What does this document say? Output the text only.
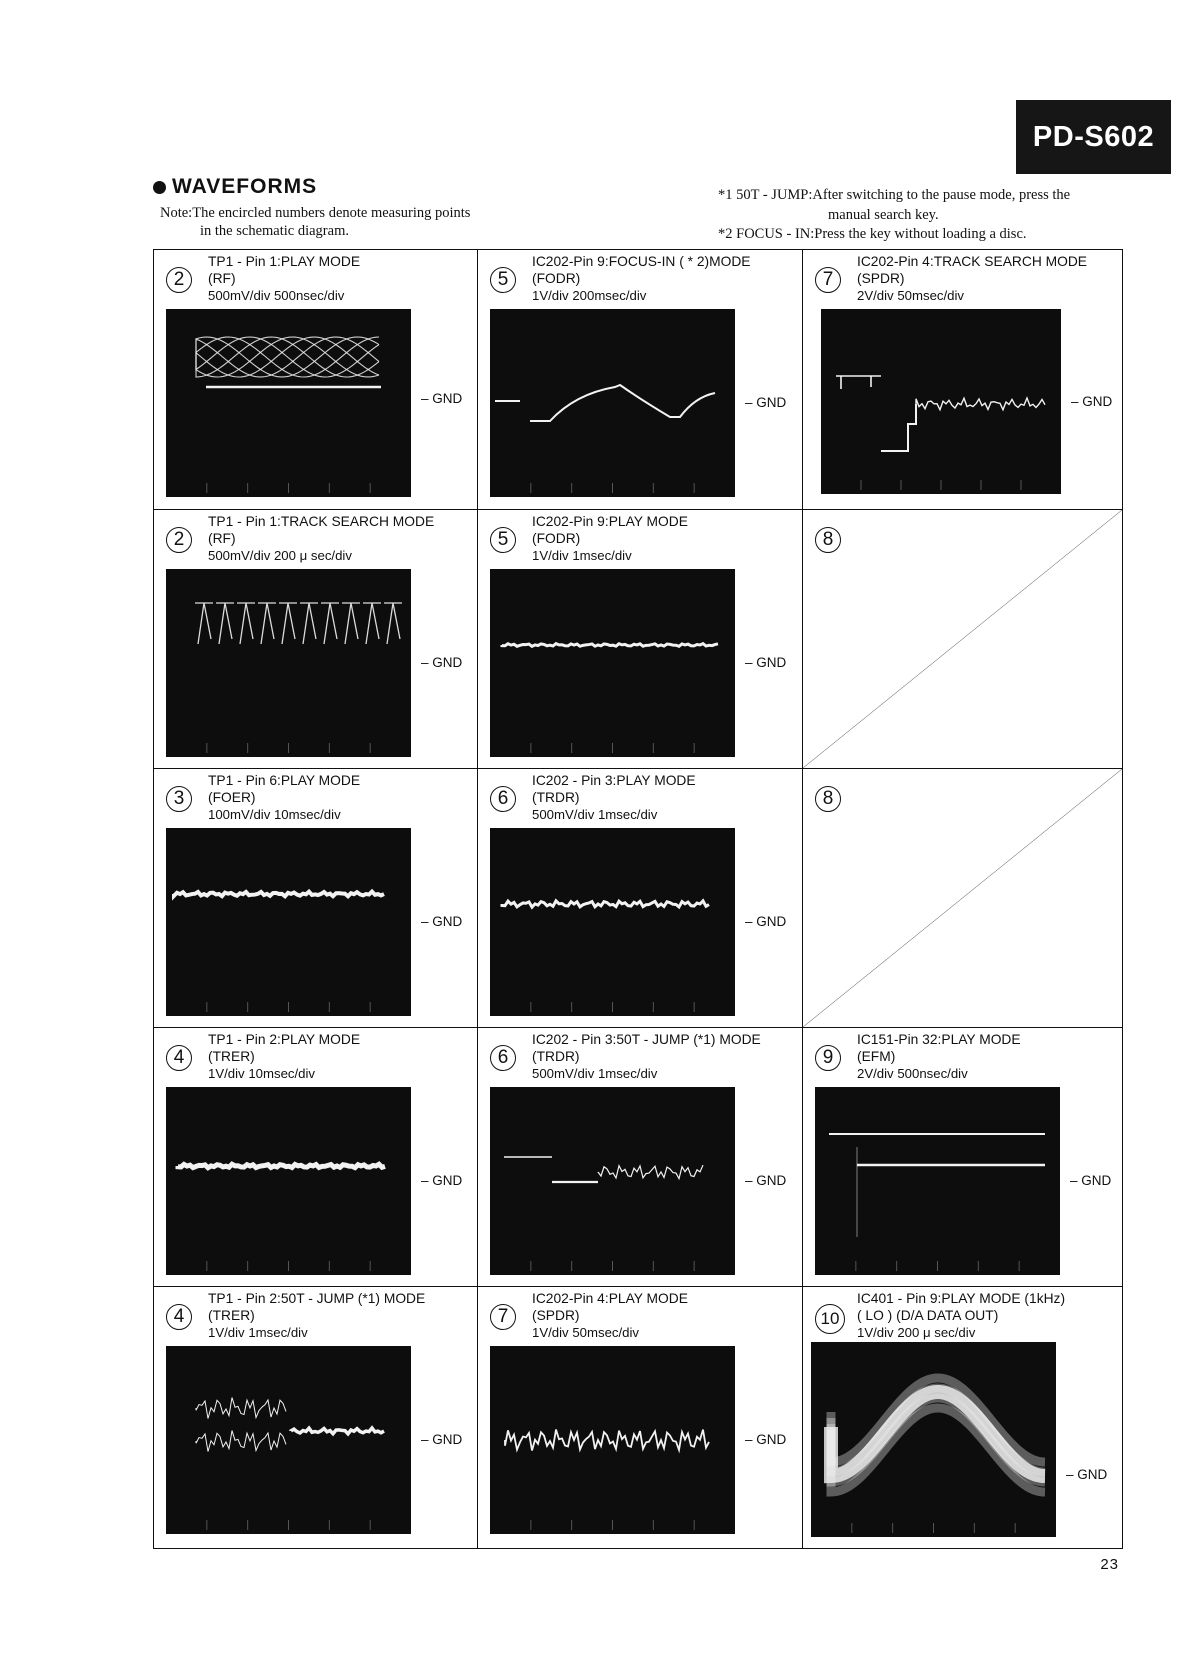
PD-S602
WAVEFORMS
Note:The encircled numbers denote measuring points
in the schematic diagram.
*1 50T - JUMP:After switching to the pause mode, press the
manual search key.
*2 FOCUS - IN:Press the key without loading a disc.
2
TP1 - Pin 1:PLAY MODE
(RF)
500mV/div 500nsec/div
– GND
5
IC202-Pin 9:FOCUS-IN ( * 2)MODE
(FODR)
1V/div 200msec/div
– GND
7
IC202-Pin 4:TRACK SEARCH MODE
(SPDR)
2V/div 50msec/div
– GND
2
TP1 - Pin 1:TRACK SEARCH MODE
(RF)
500mV/div 200 μ sec/div
– GND
5
IC202-Pin 9:PLAY MODE
(FODR)
1V/div 1msec/div
– GND
8
3
TP1 - Pin 6:PLAY MODE
(FOER)
100mV/div 10msec/div
– GND
6
IC202 - Pin 3:PLAY MODE
(TRDR)
500mV/div 1msec/div
– GND
8
4
TP1 - Pin 2:PLAY MODE
(TRER)
1V/div 10msec/div
– GND
6
IC202 - Pin 3:50T - JUMP (*1) MODE
(TRDR)
500mV/div 1msec/div
– GND
9
IC151-Pin 32:PLAY MODE
(EFM)
2V/div 500nsec/div
– GND
4
TP1 - Pin 2:50T - JUMP (*1) MODE
(TRER)
1V/div 1msec/div
– GND
7
IC202-Pin 4:PLAY MODE
(SPDR)
1V/div 50msec/div
– GND
10
IC401 - Pin 9:PLAY MODE (1kHz)
( LO ) (D/A DATA OUT)
1V/div 200 μ sec/div
– GND
23
